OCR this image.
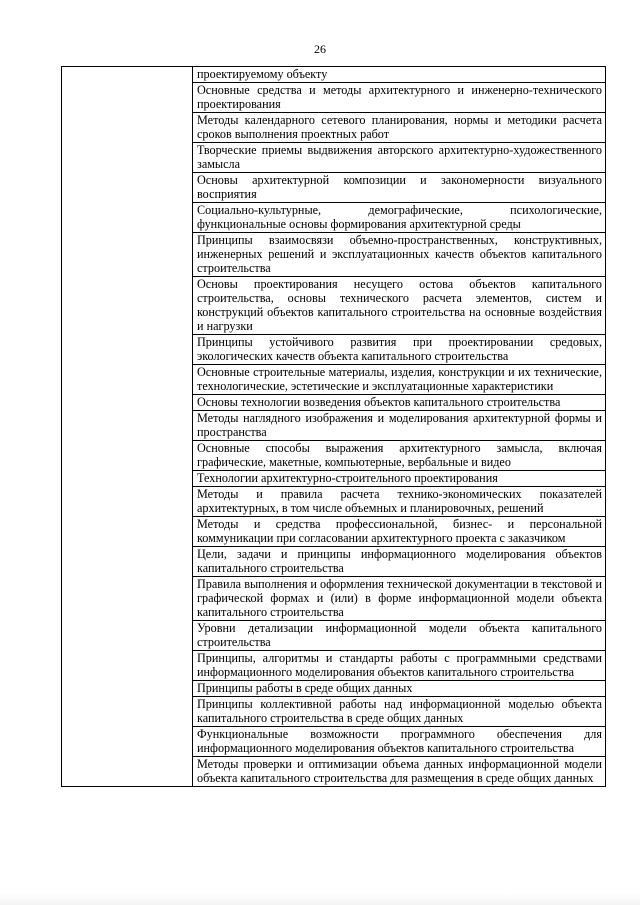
26
	проектируемому объекту
Основные средства и методы архитектурного и инженерно-технического проектирования
Методы календарного сетевого планирования, нормы и методики расчета сроков выполнения проектных работ
Творческие приемы выдвижения авторского архитектурно-художественного замысла
Основы архитектурной композиции и закономерности визуального восприятия
Социально-культурные, демографические, психологические, функциональные основы формирования архитектурной среды
Принципы взаимосвязи объемно-пространственных, конструктивных, инженерных решений и эксплуатационных качеств объектов капитального строительства
Основы проектирования несущего остова объектов капитального строительства, основы технического расчета элементов, систем и конструкций объектов капитального строительства на основные воздействия и нагрузки
Принципы устойчивого развития при проектировании средовых, экологических качеств объекта капитального строительства
Основные строительные материалы, изделия, конструкции и их технические, технологические, эстетические и эксплуатационные характеристики
Основы технологии возведения объектов капитального строительства
Методы наглядного изображения и моделирования архитектурной формы и пространства
Основные способы выражения архитектурного замысла, включая графические, макетные, компьютерные, вербальные и видео
Технологии архитектурно-строительного проектирования
Методы и правила расчета технико-экономических показателей архитектурных, в том числе объемных и планировочных, решений
Методы и средства профессиональной, бизнес- и персональной коммуникации при согласовании архитектурного проекта с заказчиком
Цели, задачи и принципы информационного моделирования объектов капитального строительства
Правила выполнения и оформления технической документации в текстовой и графической формах и (или) в форме информационной модели объекта капитального строительства
Уровни детализации информационной модели объекта капитального строительства
Принципы, алгоритмы и стандарты работы с программными средствами информационного моделирования объектов капитального строительства
Принципы работы в среде общих данных
Принципы коллективной работы над информационной моделью объекта капитального строительства в среде общих данных
Функциональные возможности программного обеспечения для информационного моделирования объектов капитального строительства
Методы проверки и оптимизации объема данных информационной модели объекта капитального строительства для размещения в среде общих данных
